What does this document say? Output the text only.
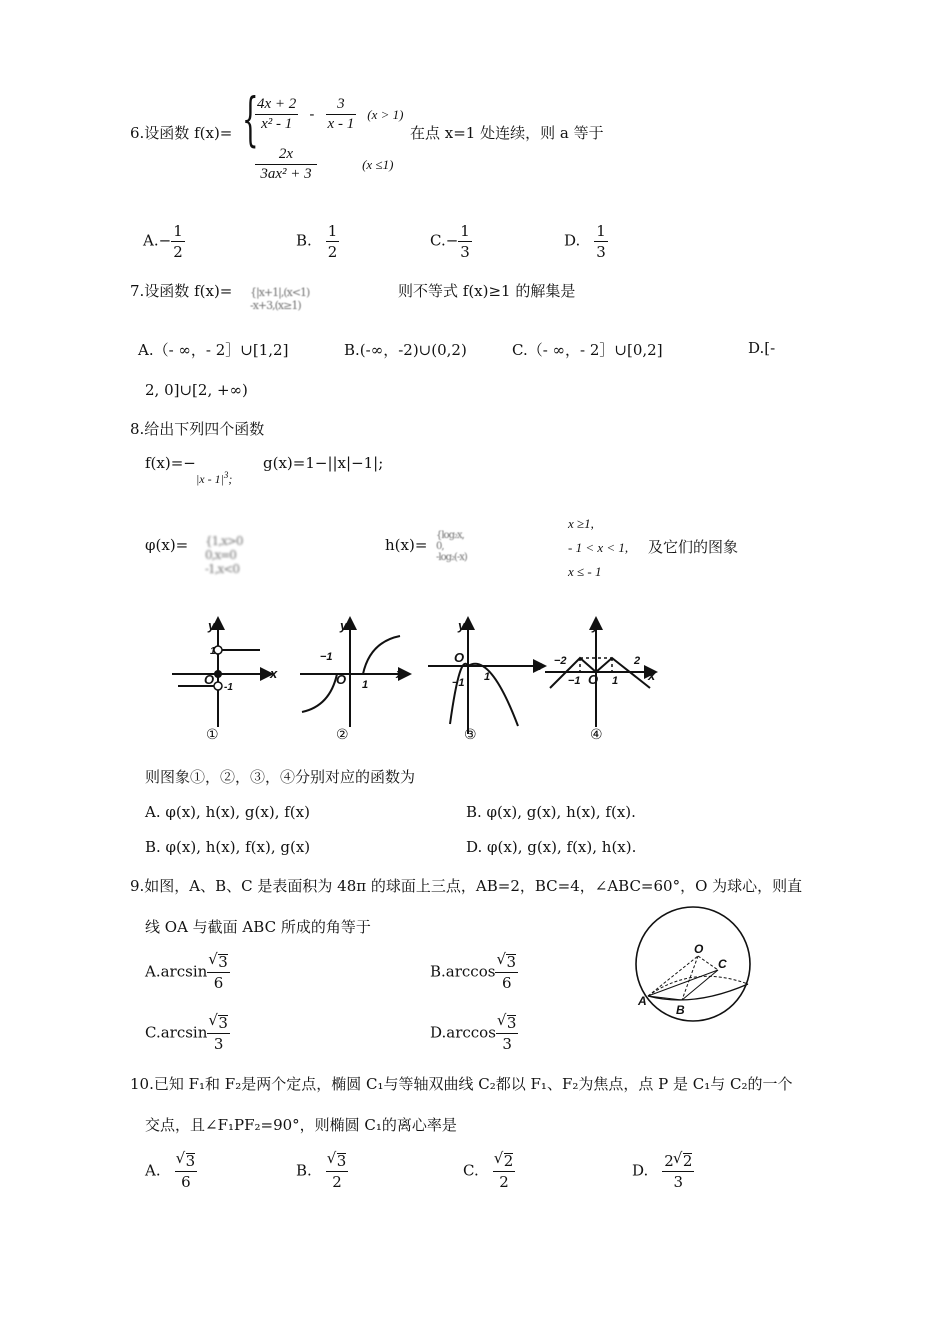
6.设函数 f(x)= {
$\frac{4x + 2}{\text{x² - 1}} - \frac{3}{x - 1} (x > 1)$
在点 x=1 处连续，则 a 等于
$\frac{2x}{\text{3ax² + 3}}$	(x ≤1)
$A.- \frac{1}{2}$	B. $\frac{1}{2}$	$C.- \frac{1}{3}$	D. $\frac{1}{3}$
7.设函数 f(x)= {|x+1|,(x<1)
-x+3,(x≥1)
则不等式 f(x)≥1 的解集是
A.（- ∞，- 2］∪[1,2]	B.(-∞，-2)∪(0,2)	C.（- ∞，- 2］∪[0,2]	D.[-
2, 0]∪[2, +∞)
8.给出下列四个函数
f(x)=−
$|x - 1|^3$;
g(x)=1−||x|−1|;
φ(x)= {1,x>0
0,x=0
-1,x<0
h(x)=
{log₂x,
0,
-log₂(-x)
x ≥1,
- 1 < x < 1,
x ≤ - 1
及它们的图象
y
x
O
1
-1
y
x
O
−1
1
y
x
O
−1 1
y
x
O
−2
−1	1
2
①	②	③	④
则图象①，②，③，④分别对应的函数为
A. φ(x), h(x), g(x), f(x)	B. φ(x), g(x), h(x), f(x).
B. φ(x), h(x), f(x), g(x)	D. φ(x), g(x), f(x), h(x).
9.如图，A、B、C 是表面积为 48π 的球面上三点，AB=2，BC=4，∠ABC=60°，O 为球心，则直
线 OA 与截面 ABC 所成的角等于
A.arcsin √ $\frac{3}{6}$	B.arccos √ $\frac{3}{6}$
C.arcsin √ $\frac{3}{3}$	D.arccos √ $\frac{3}{3}$
O
C
A
B
10.已知 F₁和 F₂是两个定点，椭圆 C₁与等轴双曲线 C₂都以 F₁、F₂为焦点，点 P 是 C₁与 C₂的一个
交点，且∠F₁PF₂=90°，则椭圆 C₁的离心率是
A. √ $\frac{3}{6}$	B. √ $\frac{3}{2}$	C. √ $\frac{2}{2}$	D. $\frac{2 √ 2}{3}$
